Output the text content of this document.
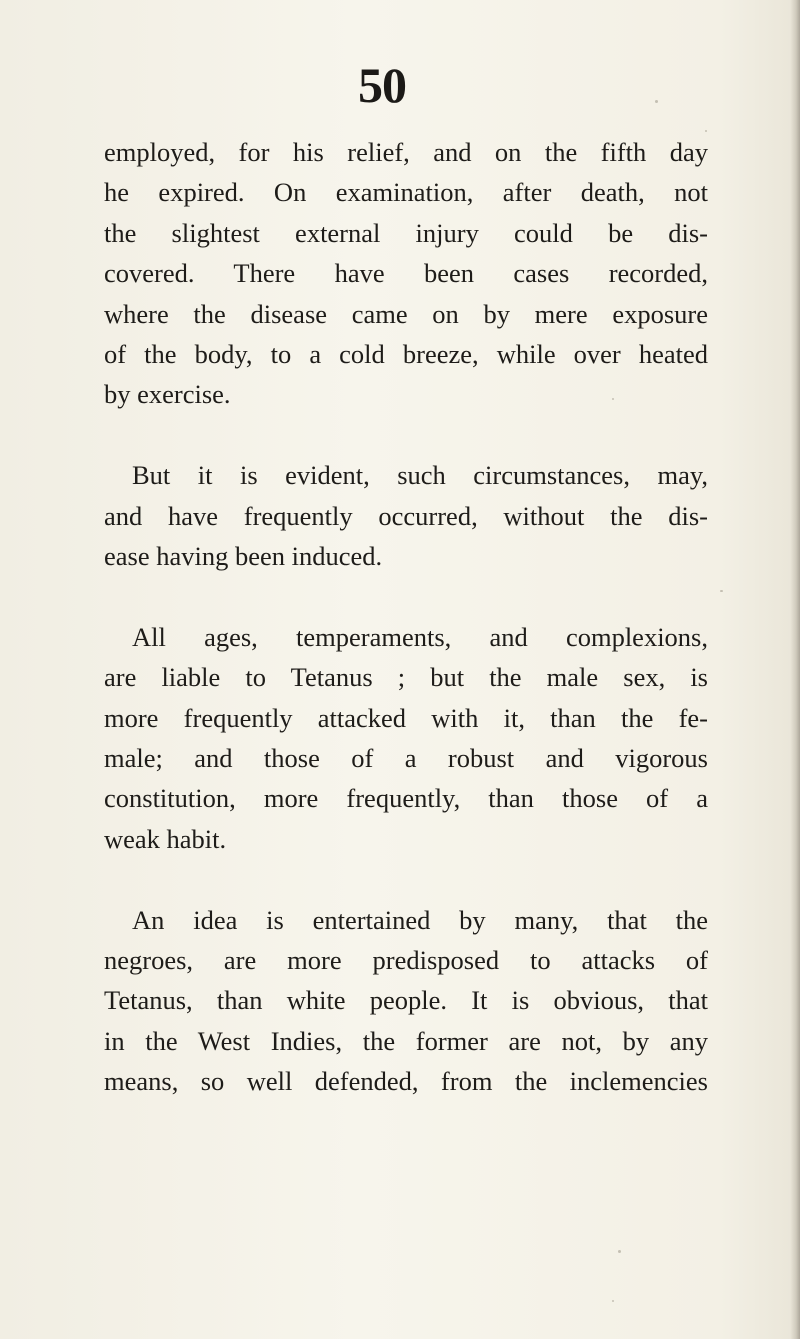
50
employed, for his relief, and on the fifth day
he expired. On examination, after death, not
the slightest external injury could be dis-
covered. There have been cases recorded,
where the disease came on by mere exposure
of the body, to a cold breeze, while over heated
by exercise.
But it is evident, such circumstances, may,
and have frequently occurred, without the dis-
ease having been induced.
All ages, temperaments, and complexions,
are liable to Tetanus ; but the male sex, is
more frequently attacked with it, than the fe-
male; and those of a robust and vigorous
constitution, more frequently, than those of a
weak habit.
An idea is entertained by many, that the
negroes, are more predisposed to attacks of
Tetanus, than white people. It is obvious, that
in the West Indies, the former are not, by any
means, so well defended, from the inclemencies
